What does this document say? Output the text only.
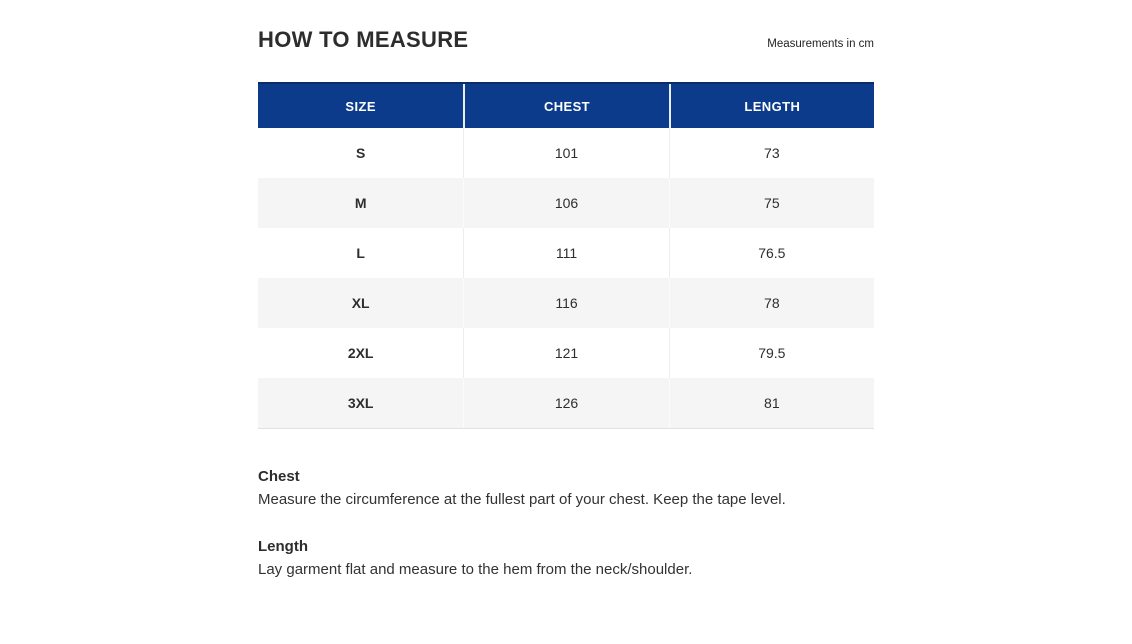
HOW TO MEASURE	Measurements in cm
SIZE	CHEST	LENGTH
S	101	73
M	106	75
L	111	76.5
XL	116	78
2XL	121	79.5
3XL	126	81
Chest

Measure the circumference at the fullest part of your chest. Keep the tape level.

Length

Lay garment flat and measure to the hem from the neck/shoulder.
